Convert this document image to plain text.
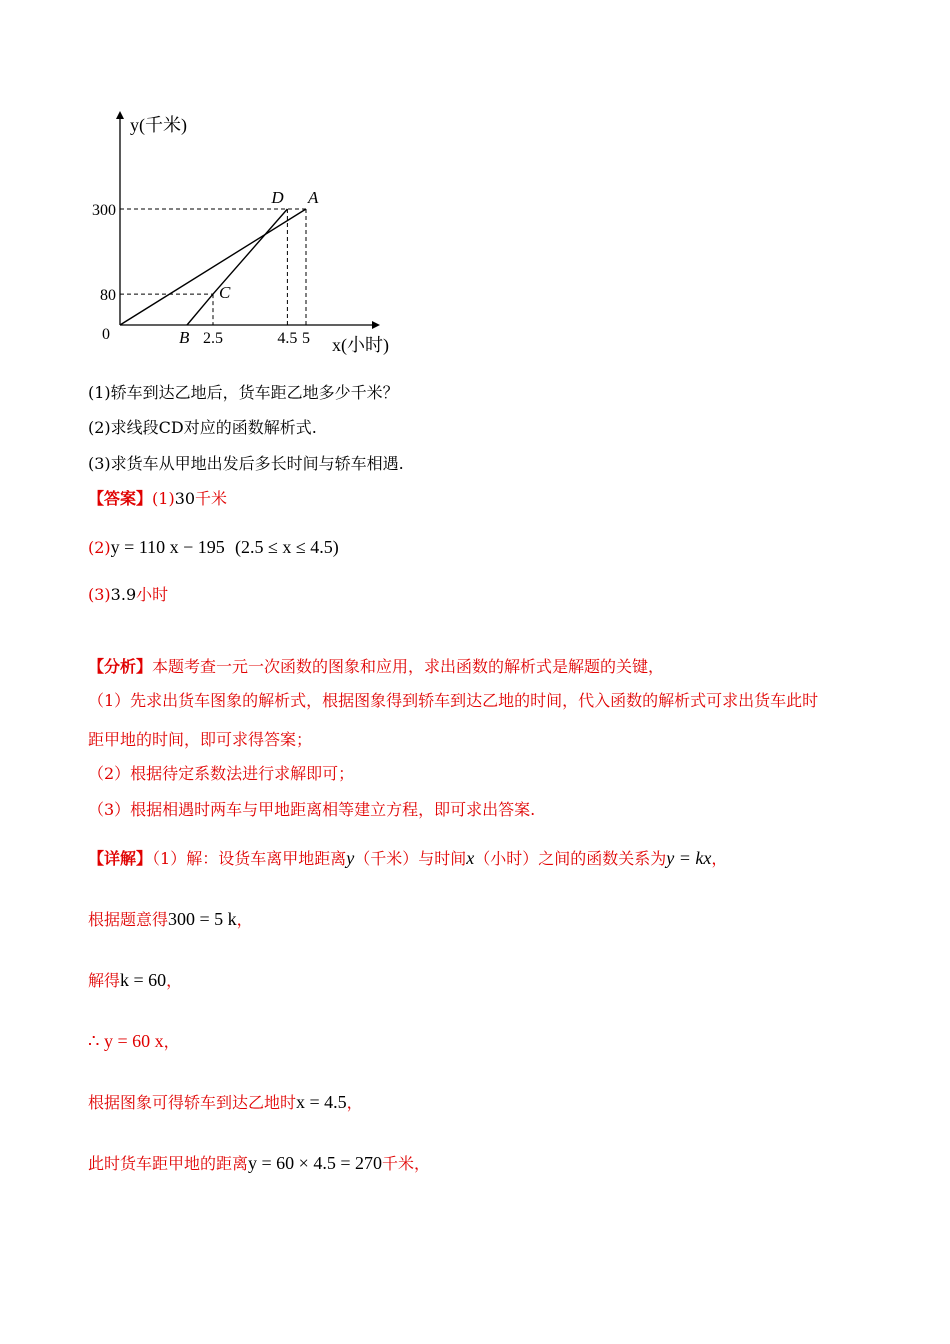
A
D
C
B 2.5	4.5 5
300
80
0
y(千米)
x(小时)
(1)轿车到达乙地后，货车距乙地多少千米？
(2)求线段CD对应的函数解析式.
(3)求货车从甲地出发后多长时间与轿车相遇.
【答案】(1)30千米
(2)y = 110 x − 195 (2.5 ≤ x ≤ 4.5)
(3)3.9小时
【分析】本题考查一元一次函数的图象和应用，求出函数的解析式是解题的关键，
（1）先求出货车图象的解析式，根据图象得到轿车到达乙地的时间，代入函数的解析式可求出货车此时
距甲地的时间，即可求得答案；
（2）根据待定系数法进行求解即可；
（3）根据相遇时两车与甲地距离相等建立方程，即可求出答案.
【详解】（1）解：设货车离甲地距离y（千米）与时间x（小时）之间的函数关系为y = kx，
根据题意得300 = 5 k，
解得k = 60，
∴ y = 60 x，
根据图象可得轿车到达乙地时x = 4.5，
此时货车距甲地的距离y = 60 × 4.5 = 270千米，
